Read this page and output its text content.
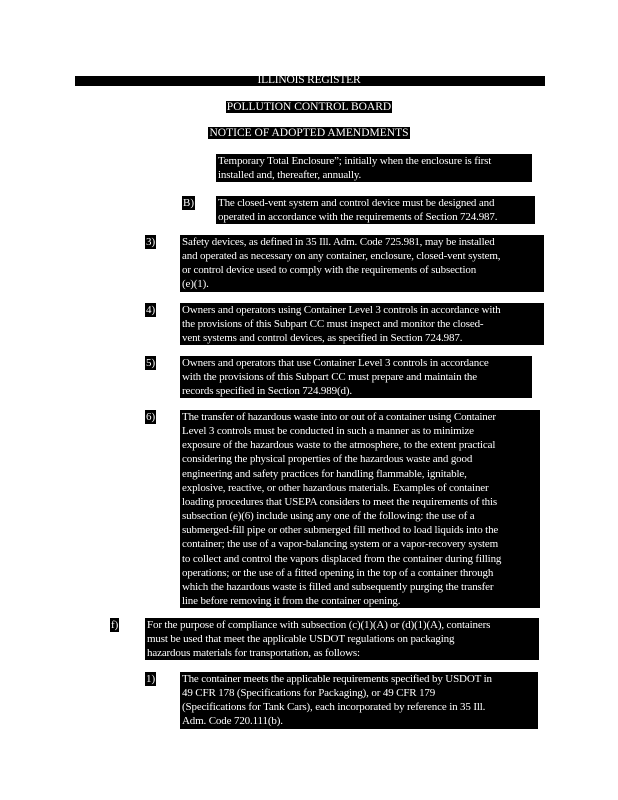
ILLINOIS REGISTER
POLLUTION CONTROL BOARD
NOTICE OF ADOPTED AMENDMENTS
Temporary Total Enclosure”; initially when the enclosure is first
installed and, thereafter, annually.
B) The closed-vent system and control device must be designed and
operated in accordance with the requirements of Section 724.987.
3) Safety devices, as defined in 35 Ill. Adm. Code 725.981, may be installed
and operated as necessary on any container, enclosure, closed-vent system,
or control device used to comply with the requirements of subsection
(e)(1).
4) Owners and operators using Container Level 3 controls in accordance with
the provisions of this Subpart CC must inspect and monitor the closed-
vent systems and control devices, as specified in Section 724.987.
5) Owners and operators that use Container Level 3 controls in accordance
with the provisions of this Subpart CC must prepare and maintain the
records specified in Section 724.989(d).
6) The transfer of hazardous waste into or out of a container using Container
Level 3 controls must be conducted in such a manner as to minimize
exposure of the hazardous waste to the atmosphere, to the extent practical
considering the physical properties of the hazardous waste and good
engineering and safety practices for handling flammable, ignitable,
explosive, reactive, or other hazardous materials. Examples of container
loading procedures that USEPA considers to meet the requirements of this
subsection (e)(6) include using any one of the following: the use of a
submerged-fill pipe or other submerged fill method to load liquids into the
container; the use of a vapor-balancing system or a vapor-recovery system
to collect and control the vapors displaced from the container during filling
operations; or the use of a fitted opening in the top of a container through
which the hazardous waste is filled and subsequently purging the transfer
line before removing it from the container opening.
f)	For the purpose of compliance with subsection (c)(1)(A) or (d)(1)(A), containers
must be used that meet the applicable USDOT regulations on packaging
hazardous materials for transportation, as follows:
1) The container meets the applicable requirements specified by USDOT in
49 CFR 178 (Specifications for Packaging), or 49 CFR 179
(Specifications for Tank Cars), each incorporated by reference in 35 Ill.
Adm. Code 720.111(b).
